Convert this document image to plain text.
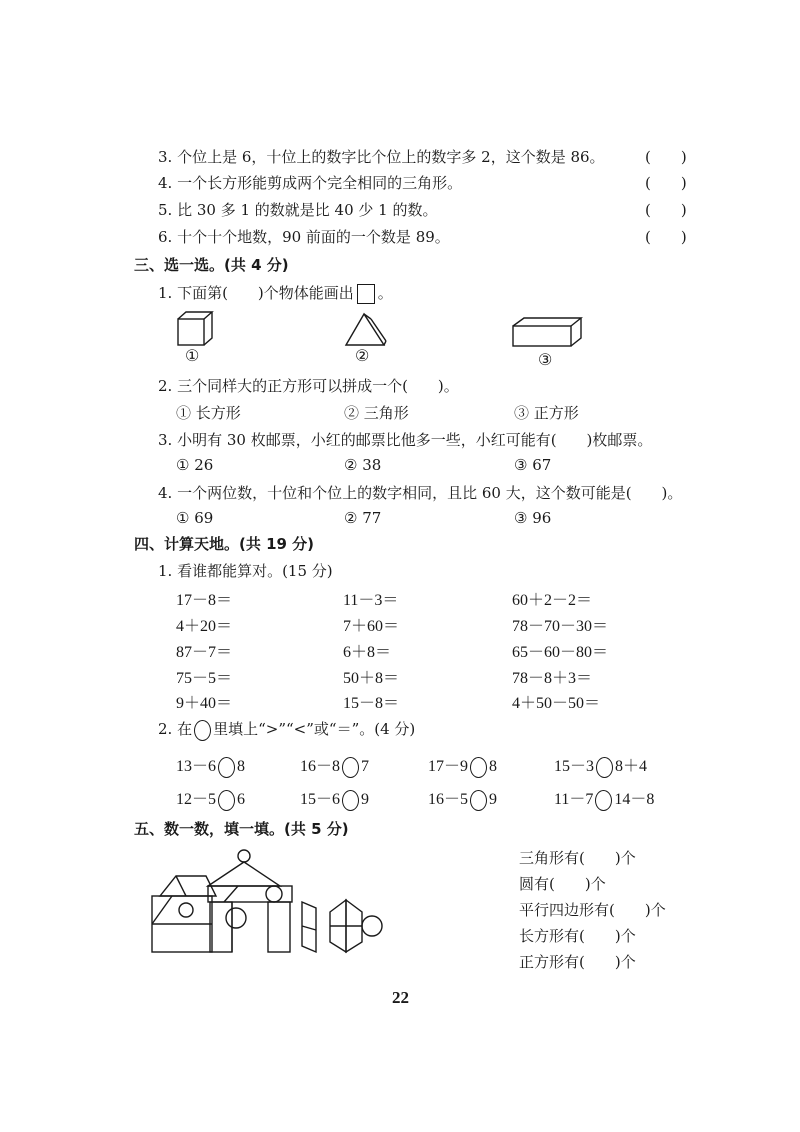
3. 个位上是 6，十位上的数字比个位上的数字多 2，这个数是 86。	(　　)
4. 一个长方形能剪成两个完全相同的三角形。	(　　)
5. 比 30 多 1 的数就是比 40 少 1 的数。	(　　)
6. 十个十个地数，90 前面的一个数是 89。	(　　)
三、选一选。(共 4 分)
1. 下面第(　　)个物体能画出 。
①	②	③
2. 三个同样大的正方形可以拼成一个(　　)。
① 长方形	② 三角形	③ 正方形
3. 小明有 30 枚邮票，小红的邮票比他多一些，小红可能有(　　)枚邮票。
① 26	② 38	③ 67
4. 一个两位数，十位和个位上的数字相同，且比 60 大，这个数可能是(　　)。
① 69	② 77	③ 96
四、计算天地。(共 19 分)
1. 看谁都能算对。(15 分)
17－8＝	11－3＝	60＋2－2＝
4＋20＝	7＋60＝	78－70－30＝
87－7＝	6＋8＝	65－60－80＝
75－5＝	50＋8＝	78－8＋3＝
9＋40＝	15－8＝	4＋50－50＝
2. 在 里填上“>”“<”或“＝”。(4 分)
13－6 8	16－8 7	17－9 8	15－3 8＋4
12－5 6	15－6 9	16－5 9	11－7 14－8
五、数一数，填一填。(共 5 分)
三角形有(　　)个
圆有(　　)个
平行四边形有(　　)个
长方形有(　　)个
正方形有(　　)个
22
